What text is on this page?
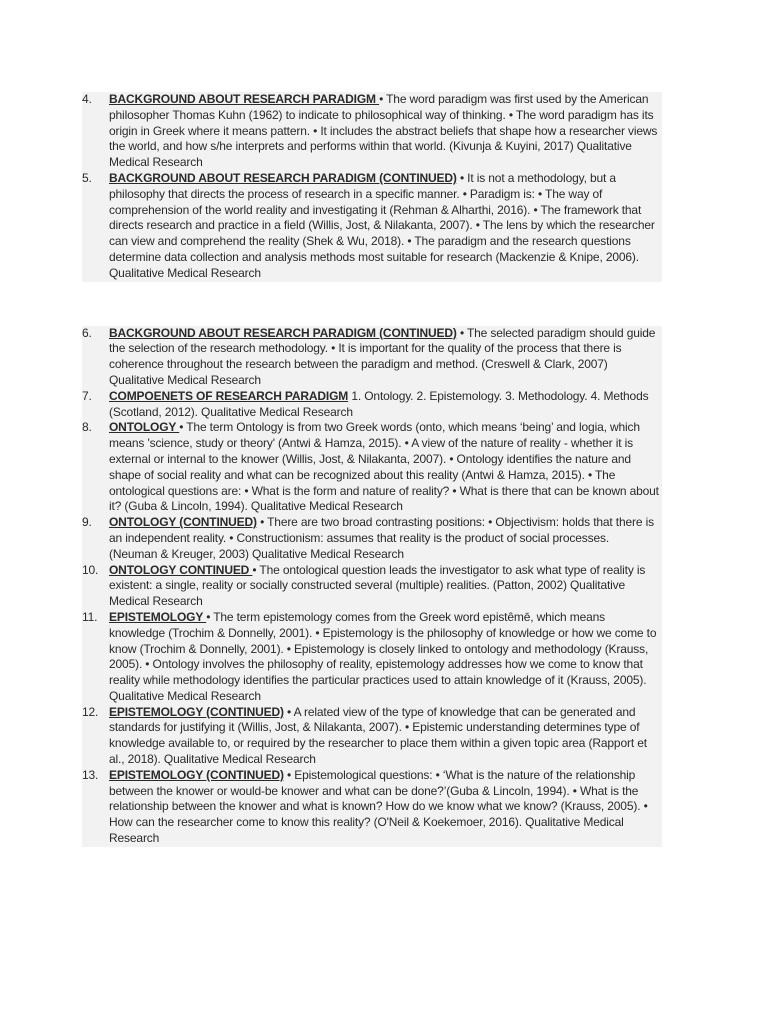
4.	BACKGROUND ABOUT RESEARCH PARADIGM • The word paradigm was first used by the American philosopher Thomas Kuhn (1962) to indicate to philosophical way of thinking. • The word paradigm has its origin in Greek where it means pattern. • It includes the abstract beliefs that shape how a researcher views the world, and how s/he interprets and performs within that world. (Kivunja & Kuyini, 2017) Qualitative Medical Research
5.	BACKGROUND ABOUT RESEARCH PARADIGM (CONTINUED) • It is not a methodology, but a philosophy that directs the process of research in a specific manner. • Paradigm is: • The way of comprehension of the world reality and investigating it (Rehman & Alharthi, 2016). • The framework that directs research and practice in a field (Willis, Jost, & Nilakanta, 2007). • The lens by which the researcher can view and comprehend the reality (Shek & Wu, 2018). • The paradigm and the research questions determine data collection and analysis methods most suitable for research (Mackenzie & Knipe, 2006). Qualitative Medical Research
6.	BACKGROUND ABOUT RESEARCH PARADIGM (CONTINUED) • The selected paradigm should guide the selection of the research methodology. • It is important for the quality of the process that there is coherence throughout the research between the paradigm and method. (Creswell & Clark, 2007) Qualitative Medical Research
7.	COMPOENETS OF RESEARCH PARADIGM 1. Ontology. 2. Epistemology. 3. Methodology. 4. Methods (Scotland, 2012). Qualitative Medical Research
8.	ONTOLOGY • The term Ontology is from two Greek words (onto, which means ‘being’ and logia, which means 'science, study or theory' (Antwi & Hamza, 2015). • A view of the nature of reality - whether it is external or internal to the knower (Willis, Jost, & Nilakanta, 2007). • Ontology identifies the nature and shape of social reality and what can be recognized about this reality (Antwi & Hamza, 2015). • The ontological questions are: • What is the form and nature of reality? • What is there that can be known about it? (Guba & Lincoln, 1994). Qualitative Medical Research
9.	ONTOLOGY (CONTINUED) • There are two broad contrasting positions: • Objectivism: holds that there is an independent reality. • Constructionism: assumes that reality is the product of social processes. (Neuman & Kreuger, 2003) Qualitative Medical Research
10. ONTOLOGY CONTINUED • The ontological question leads the investigator to ask what type of reality is existent: a single, reality or socially constructed several (multiple) realities. (Patton, 2002) Qualitative Medical Research
11. EPISTEMOLOGY • The term epistemology comes from the Greek word epistêmē, which means knowledge (Trochim & Donnelly, 2001). • Epistemology is the philosophy of knowledge or how we come to know (Trochim & Donnelly, 2001). • Epistemology is closely linked to ontology and methodology (Krauss, 2005). • Ontology involves the philosophy of reality, epistemology addresses how we come to know that reality while methodology identifies the particular practices used to attain knowledge of it (Krauss, 2005). Qualitative Medical Research
12. EPISTEMOLOGY (CONTINUED) • A related view of the type of knowledge that can be generated and standards for justifying it (Willis, Jost, & Nilakanta, 2007). • Epistemic understanding determines type of knowledge available to, or required by the researcher to place them within a given topic area (Rapport et al., 2018). Qualitative Medical Research
13. EPISTEMOLOGY (CONTINUED) • Epistemological questions: • ‘What is the nature of the relationship between the knower or would-be knower and what can be done?’(Guba & Lincoln, 1994). • What is the relationship between the knower and what is known? How do we know what we know? (Krauss, 2005). • How can the researcher come to know this reality? (O'Neil & Koekemoer, 2016). Qualitative Medical Research
